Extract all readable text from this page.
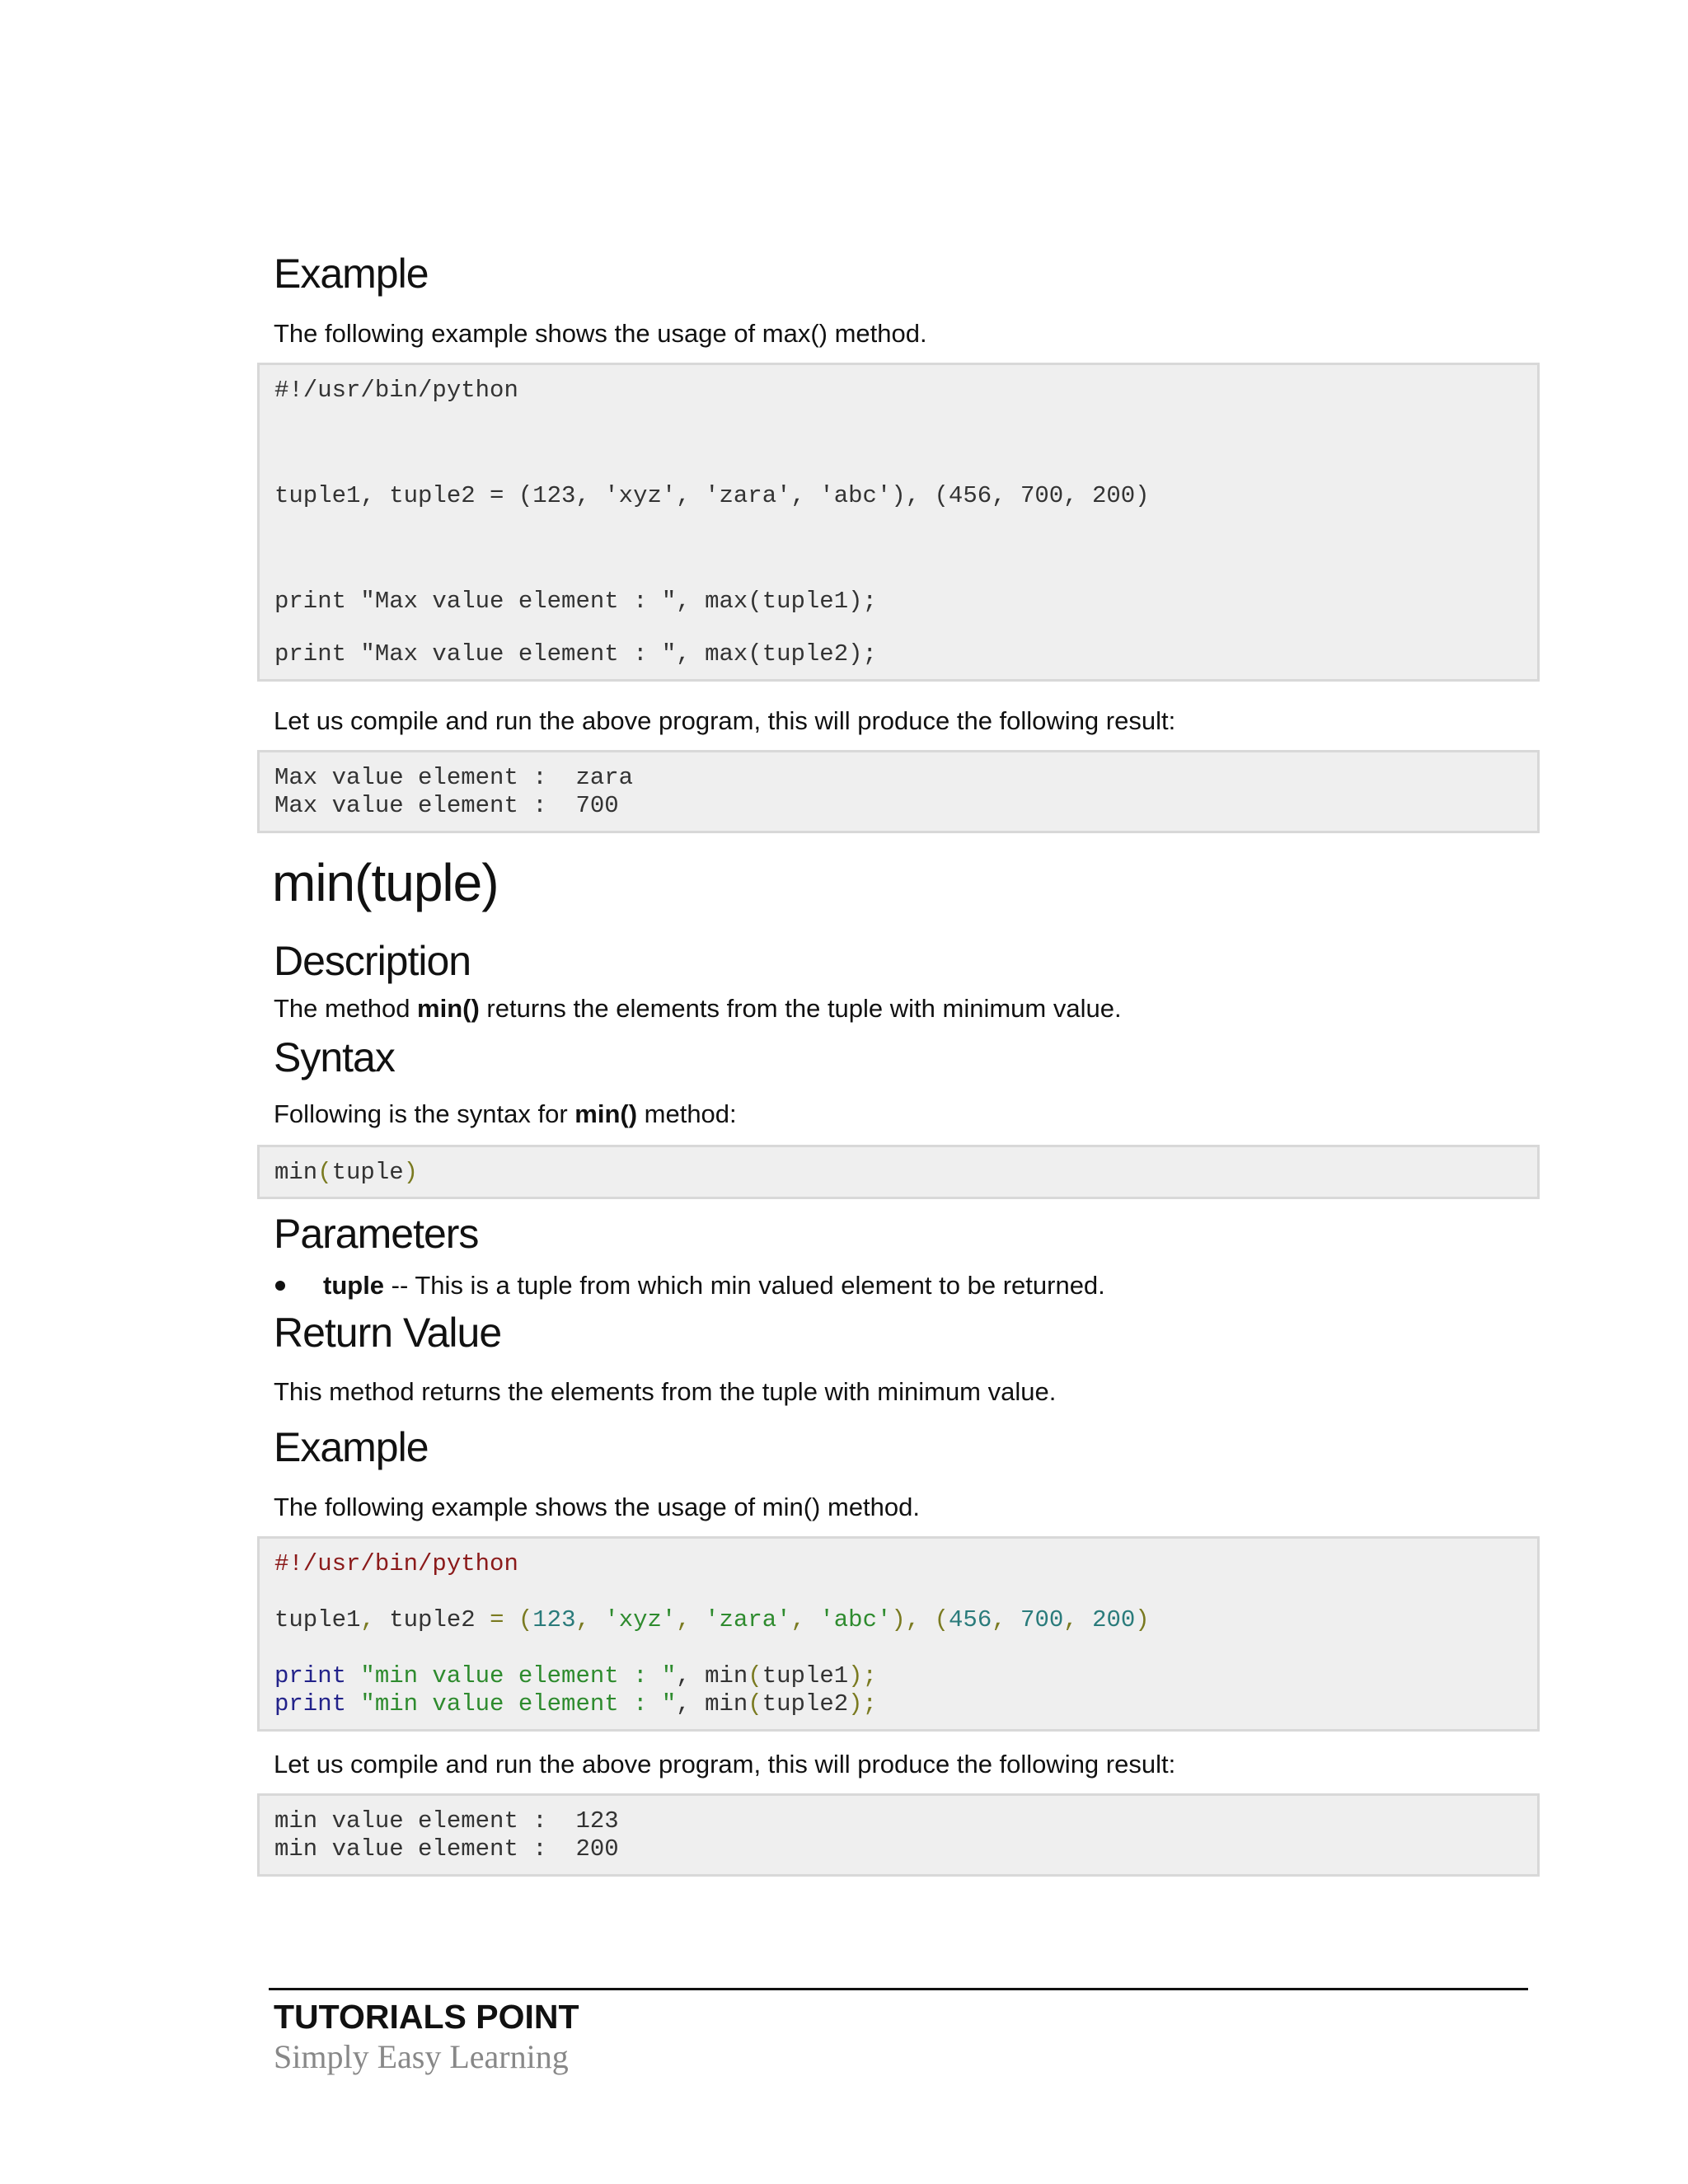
Example

The following example shows the usage of max() method.

#!/usr/bin/python
tuple1, tuple2 = (123, 'xyz', 'zara', 'abc'), (456, 700, 200)
print "Max value element : ", max(tuple1);
print "Max value element : ", max(tuple2);

Let us compile and run the above program, this will produce the following result:

Max value element :  zara
Max value element :  700
min(tuple)
Description

The method min() returns the elements from the tuple with minimum value.

Syntax

Following is the syntax for min() method:

min(tuple)
Parameters

tuple -- This is a tuple from which min valued element to be returned.

Return Value

This method returns the elements from the tuple with minimum value.

Example

The following example shows the usage of min() method.

#!/usr/bin/python
tuple1, tuple2 = (123, 'xyz', 'zara', 'abc'), (456, 700, 200)
print "min value element : ", min(tuple1);
print "min value element : ", min(tuple2);

Let us compile and run the above program, this will produce the following result:

min value element :  123
min value element :  200
TUTORIALS POINT
Simply Easy Learning
